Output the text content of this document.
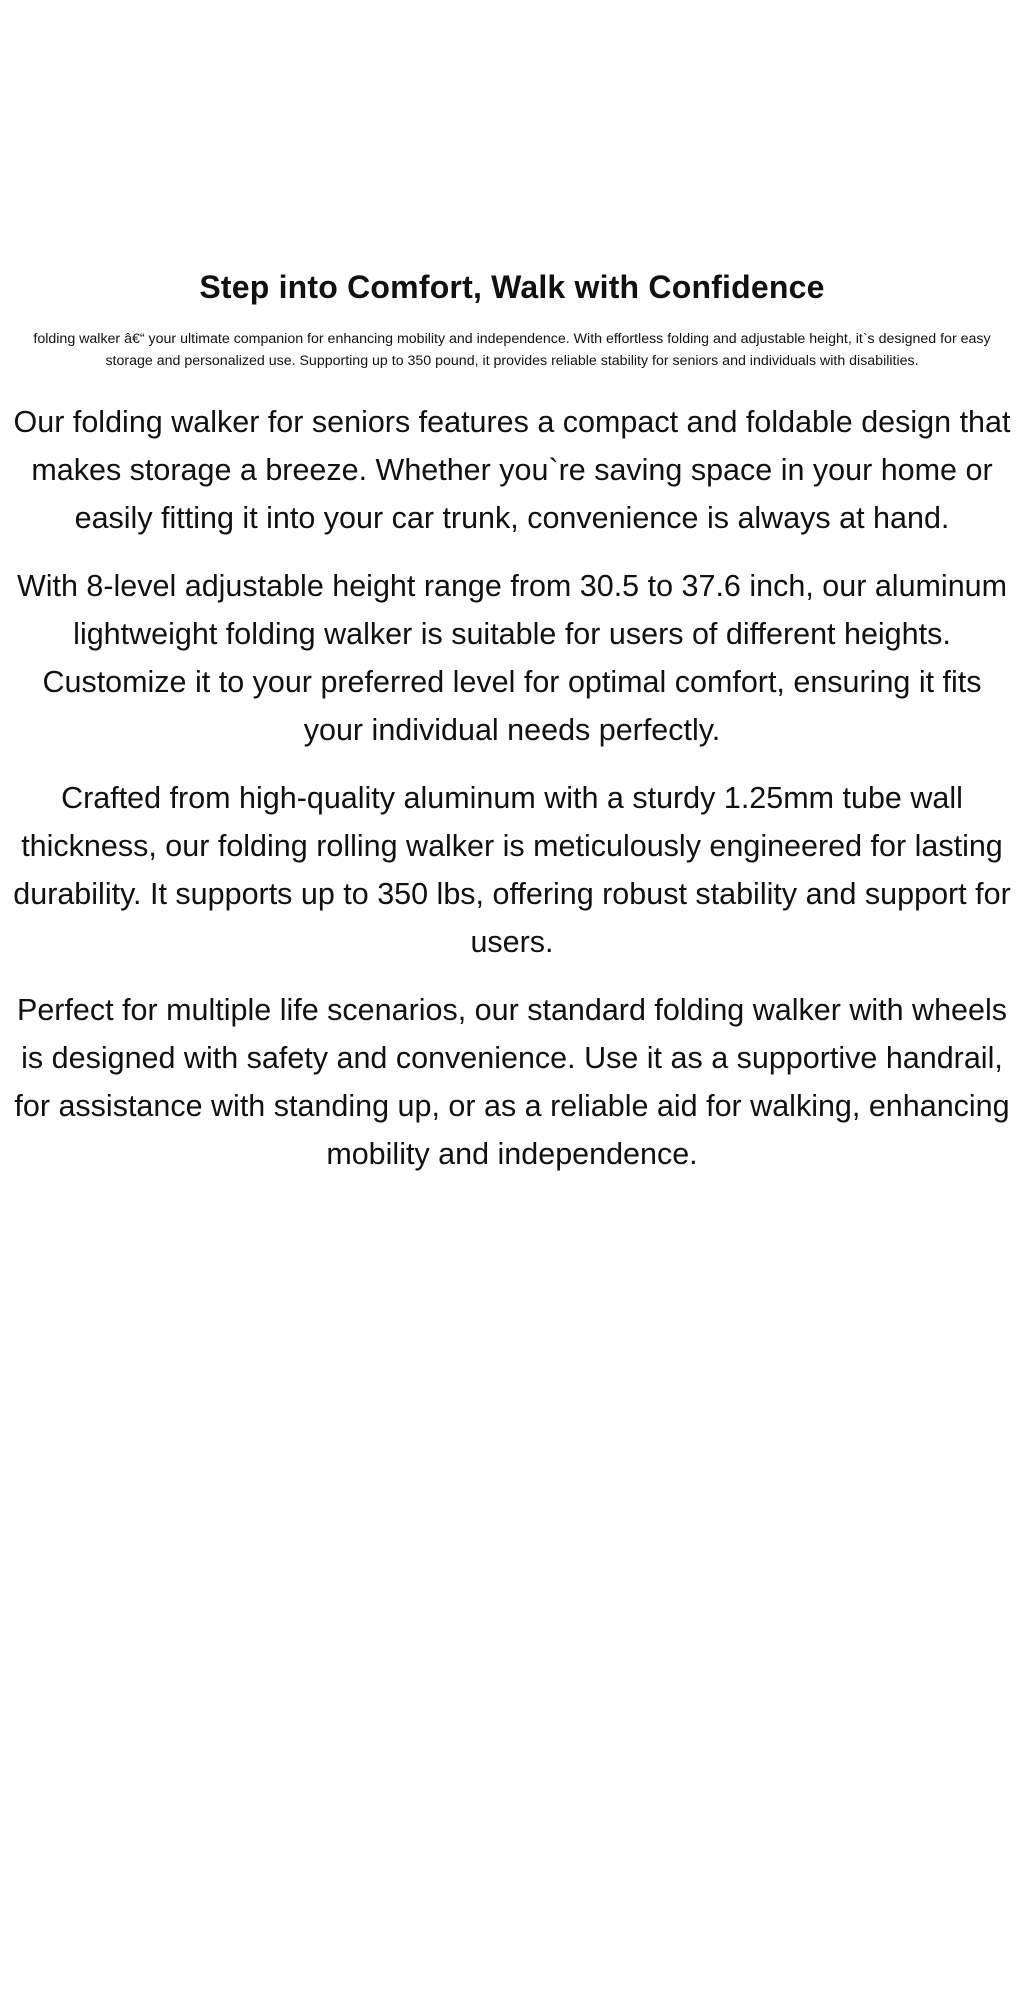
Step into Comfort, Walk with Confidence

folding walker â€“ your ultimate companion for enhancing mobility and independence. With effortless folding and adjustable height, it`s designed for easy storage and personalized use. Supporting up to 350 pound, it provides reliable stability for seniors and individuals with disabilities.

Our folding walker for seniors features a compact and foldable design that makes storage a breeze. Whether you`re saving space in your home or easily fitting it into your car trunk, convenience is always at hand.

With 8-level adjustable height range from 30.5 to 37.6 inch, our aluminum lightweight folding walker is suitable for users of different heights. Customize it to your preferred level for optimal comfort, ensuring it fits your individual needs perfectly.

Crafted from high-quality aluminum with a sturdy 1.25mm tube wall thickness, our folding rolling walker is meticulously engineered for lasting durability. It supports up to 350 lbs, offering robust stability and support for users.

Perfect for multiple life scenarios, our standard folding walker with wheels is designed with safety and convenience. Use it as a supportive handrail, for assistance with standing up, or as a reliable aid for walking, enhancing mobility and independence.
